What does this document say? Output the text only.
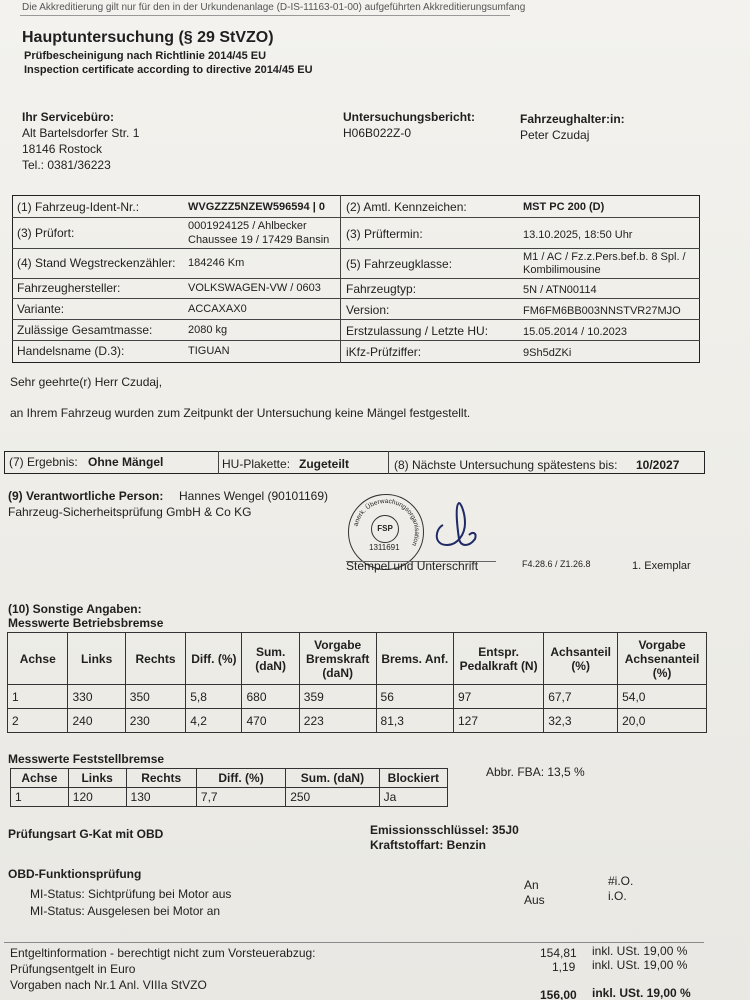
Die Akkreditierung gilt nur für den in der Urkundenanlage (D-IS-11163-01-00) aufgeführten Akkreditierungsumfang
Hauptuntersuchung (§ 29 StVZO)
Prüfbescheinigung nach Richtlinie 2014/45 EU
Inspection certificate according to directive 2014/45 EU
Ihr Servicebüro:
Alt Bartelsdorfer Str. 1
18146 Rostock
Tel.: 0381/36223
Untersuchungsbericht:
H06B022Z-0
Fahrzeughalter:in:
Peter Czudaj
(1) Fahrzeug-Ident-Nr.:	WVGZZZ5NZEW596594 | 0 (2) Amtl. Kennzeichen:	MST PC 200 (D)
(3) Prüfort:	0001924125 / Ahlbecker
Chaussee 19 / 17429 Bansin (3) Prüftermin:	13.10.2025, 18:50 Uhr
(4) Stand Wegstreckenzähler: 184246 Km	(5) Fahrzeugklasse:	M1 / AC / Fz.z.Pers.bef.b. 8 Spl. /
Kombilimousine
Fahrzeughersteller:	VOLKSWAGEN-VW / 0603 Fahrzeugtyp:	5N / ATN00114
Variante:	ACCAXAX0	Version:	FM6FM6BB003NNSTVR27MJO
Zulässige Gesamtmasse:	2080 kg	Erstzulassung / Letzte HU:	15.05.2014 / 10.2023
Handelsname (D.3):	TIGUAN	iKfz-Prüfziffer:	9Sh5dZKi
Sehr geehrte(r) Herr Czudaj,
an Ihrem Fahrzeug wurden zum Zeitpunkt der Untersuchung keine Mängel festgestellt.
(7) Ergebnis: Ohne Mängel	HU-Plakette: Zugeteilt	(8) Nächste Untersuchung spätestens bis: 10/2027
(9) Verantwortliche Person: Hannes Wengel (90101169)
Fahrzeug-Sicherheitsprüfung GmbH & Co KG
anerk. Überwachungsorganisation
FSP
1311691
Stempel und Unterschrift	F4.28.6 / Z1.26.8	1. Exemplar
(10) Sonstige Angaben:
Messwerte Betriebsbremse
Achse	Links	Rechts	Diff. (%)	Sum. (daN)	Vorgabe Bremskraft (daN)	Brems. Anf.	Entspr. Pedalkraft (N)	Achsanteil (%)	Vorgabe Achsenanteil (%)
1	330	350	5,8	680	359	56	97	67,7	54,0
2	240	230	4,2	470	223	81,3	127	32,3	20,0
Messwerte Feststellbremse
Achse	Links	Rechts	Diff. (%)	Sum. (daN)	Blockiert
1	120	130	7,7	250	Ja
Abbr. FBA: 13,5 %
Prüfungsart G-Kat mit OBD	Emissionsschlüssel: 35J0
Kraftstoffart: Benzin
OBD-Funktionsprüfung
MI-Status: Sichtprüfung bei Motor aus
MI-Status: Ausgelesen bei Motor an
An	#i.O.
Aus	i.O.
Entgeltinformation - berechtigt nicht zum Vorsteuerabzug:	154,81 inkl. USt. 19,00 %
Prüfungsentgelt in Euro	1,19 inkl. USt. 19,00 %
Vorgaben nach Nr.1 Anl. VIIIa StVZO
156,00 inkl. USt. 19,00 %
